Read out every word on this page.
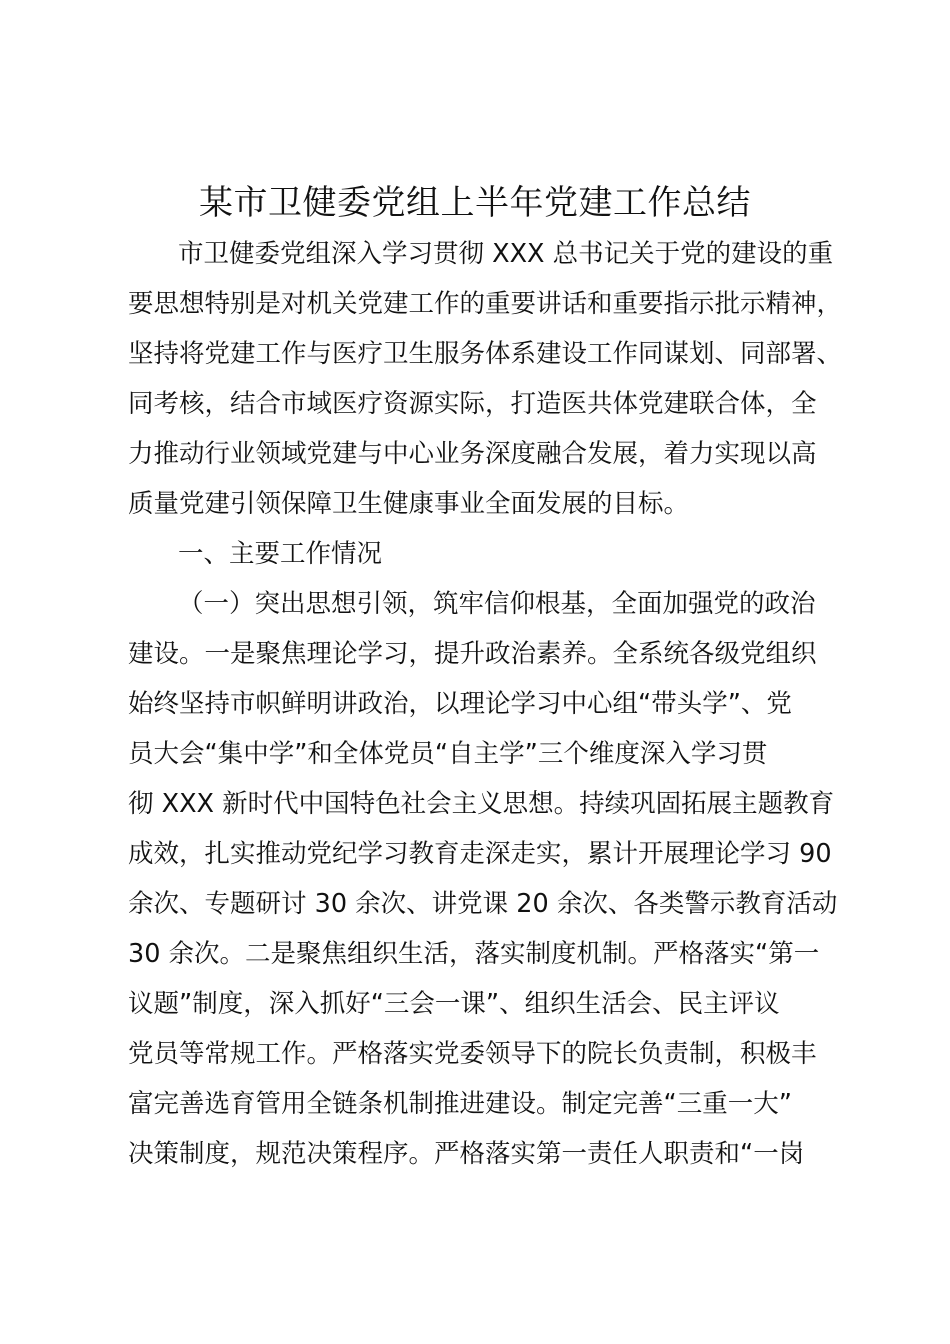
某市卫健委党组上半年党建工作总结
市卫健委党组深入学习贯彻 XXX 总书记关于党的建设的重
要思想特别是对机关党建工作的重要讲话和重要指示批示精神，
坚持将党建工作与医疗卫生服务体系建设工作同谋划、同部署、
同考核，结合市域医疗资源实际，打造医共体党建联合体，全
力推动行业领域党建与中心业务深度融合发展，着力实现以高
质量党建引领保障卫生健康事业全面发展的目标。
一、主要工作情况
（一）突出思想引领，筑牢信仰根基，全面加强党的政治
建设。一是聚焦理论学习，提升政治素养。全系统各级党组织
始终坚持市帜鲜明讲政治，以理论学习中心组“带头学”、党
员大会“集中学”和全体党员“自主学”三个维度深入学习贯
彻 XXX 新时代中国特色社会主义思想。持续巩固拓展主题教育
成效，扎实推动党纪学习教育走深走实，累计开展理论学习 90
余次、专题研讨 30 余次、讲党课 20 余次、各类警示教育活动
30 余次。二是聚焦组织生活，落实制度机制。严格落实“第一
议题”制度，深入抓好“三会一课”、组织生活会、民主评议
党员等常规工作。严格落实党委领导下的院长负责制，积极丰
富完善选育管用全链条机制推进建设。制定完善“三重一大”
决策制度，规范决策程序。严格落实第一责任人职责和“一岗
